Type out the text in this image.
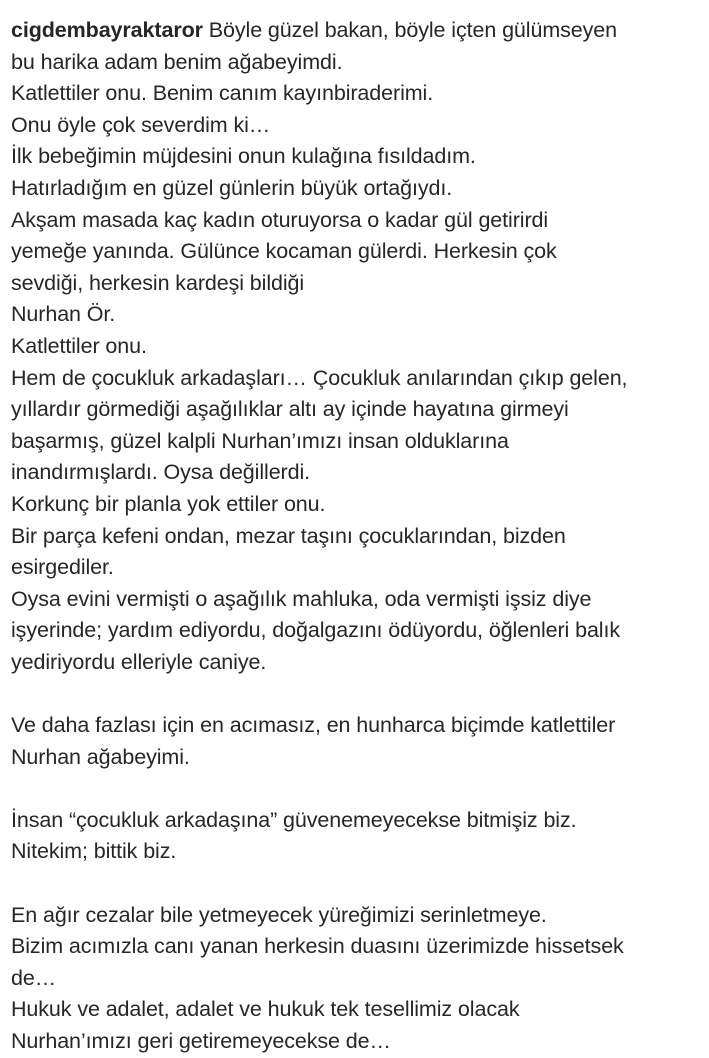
cigdembayraktaror Böyle güzel bakan, böyle içten gülümseyen
bu harika adam benim ağabeyimdi.
Katlettiler onu. Benim canım kayınbiraderimi.
Onu öyle çok severdim ki…
İlk bebeğimin müjdesini onun kulağına fısıldadım.
Hatırladığım en güzel günlerin büyük ortağıydı.
Akşam masada kaç kadın oturuyorsa o kadar gül getirirdi
yemeğe yanında. Gülünce kocaman gülerdi. Herkesin çok
sevdiği, herkesin kardeşi bildiği
Nurhan Ör.
Katlettiler onu.
Hem de çocukluk arkadaşları… Çocukluk anılarından çıkıp gelen,
yıllardır görmediği aşağılıklar altı ay içinde hayatına girmeyi
başarmış, güzel kalpli Nurhan’ımızı insan olduklarına
inandırmışlardı. Oysa değillerdi.
Korkunç bir planla yok ettiler onu.
Bir parça kefeni ondan, mezar taşını çocuklarından, bizden
esirgediler.
Oysa evini vermişti o aşağılık mahluka, oda vermişti işsiz diye
işyerinde; yardım ediyordu, doğalgazını ödüyordu, öğlenleri balık
yediriyordu elleriyle caniye.
Ve daha fazlası için en acımasız, en hunharca biçimde katlettiler
Nurhan ağabeyimi.
İnsan “çocukluk arkadaşına” güvenemeyecekse bitmişiz biz.
Nitekim; bittik biz.
En ağır cezalar bile yetmeyecek yüreğimizi serinletmeye.
Bizim acımızla canı yanan herkesin duasını üzerimizde hissetsek
de…
Hukuk ve adalet, adalet ve hukuk tek tesellimiz olacak
Nurhan’ımızı geri getiremeyecekse de…
